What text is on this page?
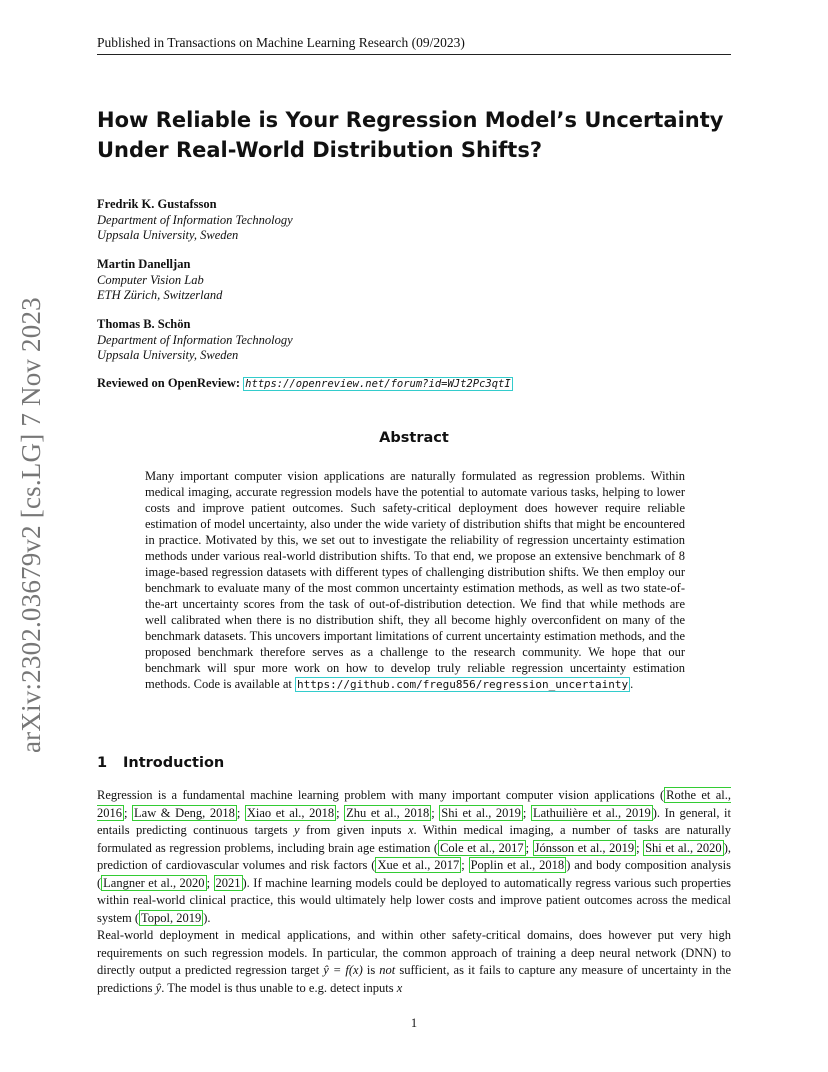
Published in Transactions on Machine Learning Research (09/2023)
arXiv:2302.03679v2 [cs.LG] 7 Nov 2023
How Reliable is Your Regression Model’s Uncertainty Under Real-World Distribution Shifts?
Fredrik K. Gustafsson
Department of Information Technology
Uppsala University, Sweden
Martin Danelljan
Computer Vision Lab
ETH Zürich, Switzerland
Thomas B. Schön
Department of Information Technology
Uppsala University, Sweden
Reviewed on OpenReview: https://openreview.net/forum?id=WJt2Pc3qtI
Abstract

Many important computer vision applications are naturally formulated as regression problems. Within medical imaging, accurate regression models have the potential to automate various tasks, helping to lower costs and improve patient outcomes. Such safety-critical deployment does however require reliable estimation of model uncertainty, also under the wide variety of distribution shifts that might be encountered in practice. Motivated by this, we set out to investigate the reliability of regression uncertainty estimation methods under various real-world distribution shifts. To that end, we propose an extensive benchmark of 8 image-based regression datasets with different types of challenging distribution shifts. We then employ our benchmark to evaluate many of the most common uncertainty estimation methods, as well as two state-of-the-art uncertainty scores from the task of out-of-distribution detection. We find that while methods are well calibrated when there is no distribution shift, they all become highly overconfident on many of the benchmark datasets. This uncovers important limitations of current uncertainty estimation methods, and the proposed benchmark therefore serves as a challenge to the research community. We hope that our benchmark will spur more work on how to develop truly reliable regression uncertainty estimation methods. Code is available at https://github.com/fregu856/regression_uncertainty .

1 Introduction

Regression is a fundamental machine learning problem with many important computer vision applications ( Rothe et al., 2016 ; Law & Deng, 2018 ; Xiao et al., 2018 ; Zhu et al., 2018 ; Shi et al., 2019 ; Lathuilière et al., 2019 ). In general, it entails predicting continuous targets y from given inputs x. Within medical imaging, a number of tasks are naturally formulated as regression problems, including brain age estimation ( Cole et al., 2017 ; Jónsson et al., 2019 ; Shi et al., 2020 ), prediction of cardiovascular volumes and risk factors ( Xue et al., 2017 ; Poplin et al., 2018 ) and body composition analysis ( Langner et al., 2020 ; 2021 ). If machine learning models could be deployed to automatically regress various such properties within real-world clinical practice, this would ultimately help lower costs and improve patient outcomes across the medical system ( Topol, 2019 ).

Real-world deployment in medical applications, and within other safety-critical domains, does however put very high requirements on such regression models. In particular, the common approach of training a deep neural network (DNN) to directly output a predicted regression target ŷ = f(x) is not sufficient, as it fails to capture any measure of uncertainty in the predictions ŷ. The model is thus unable to e.g. detect inputs x

1
